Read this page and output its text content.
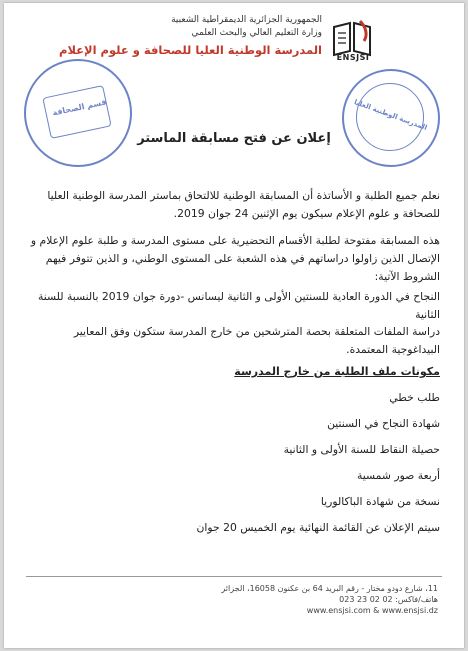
ENSJSI
الجمهورية الجزائرية الديمقراطية الشعبية
وزارة التعليم العالي والبحث العلمي
المدرسة الوطنية العليا للصحافة و علوم الإعلام
قسم الصحافة	المدرسة الوطنية العليا
إعلان عن فتح مسابقة الماستر
نعلم جميع الطلبة و الأساتذة أن المسابقة الوطنية للالتحاق بماستر المدرسة الوطنية العليا للصحافة و علوم الإعلام سيكون يوم الإثنين 24 جوان 2019.
هذه المسابقة مفتوحة لطلبة الأقسام التحضيرية على مستوى المدرسة و طلبة علوم الإعلام و الإتصال الذين زاولوا دراساتهم في هذه الشعبة على المستوى الوطني، و الذين تتوفر فيهم الشروط الآتية:
النجاح في الدورة العادية للسنتين الأولى و الثانية ليسانس -دورة جوان 2019 بالنسبة للسنة الثانية
دراسة الملفات المتعلقة بحصة المترشحين من خارج المدرسة ستكون وفق المعايير البيداغوجية المعتمدة.
مكونات ملف الطلبة من خارج المدرسة
طلب خطي
شهادة النجاح في السنتين
حصيلة النقاط للسنة الأولى و الثانية
أربعة صور شمسية
نسخة من شهادة الباكالوريا
سيتم الإعلان عن القائمة النهائية يوم الخميس 20 جوان
11، شارع دودو مختار - رقم البريد 64 بن عكنون 16058، الجزائر
هاتف/فاكس: 02 02 23 023
www.ensjsi.com & www.ensjsi.dz
